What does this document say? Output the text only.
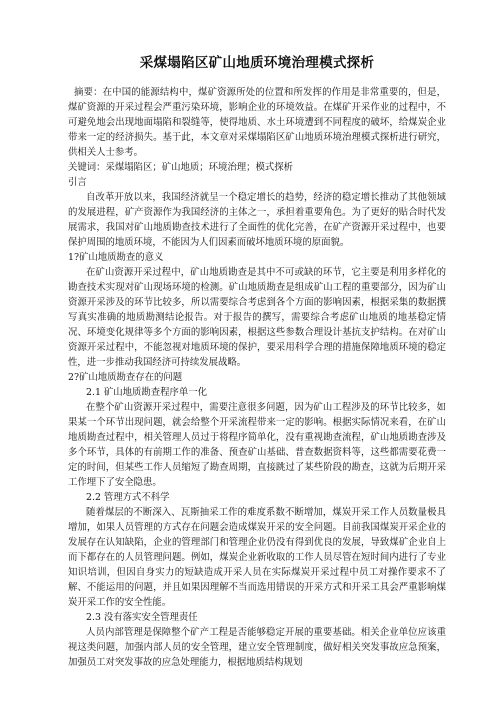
采煤塌陷区矿山地质环境治理模式探析

摘要：在中国的能源结构中，煤矿资源所处的位置和所发挥的作用是非常重要的，但是，煤矿资源的开采过程会严重污染环境，影响企业的环境效益。在煤矿开采作业的过程中，不可避免地会出现地面塌陷和裂缝等，使得地质、水土环境遭到不同程度的破坏，给煤炭企业带来一定的经济损失。基于此，本文章对采煤塌陷区矿山地质环境治理模式探析进行研究，供相关人士参考。

关键词：采煤塌陷区；矿山地质；环境治理；模式探析

引言

自改革开放以来，我国经济就呈一个稳定增长的趋势，经济的稳定增长推动了其他领域的发展进程，矿产资源作为我国经济的主体之一，承担着重要角色。为了更好的贴合时代发展需求，我国对矿山地质勘查技术进行了全面性的优化完善，在矿产资源开采过程中，也要保护周围的地质环境，不能因为人们因素而破坏地质环境的原面貌。

1?矿山地质勘查的意义

在矿山资源开采过程中，矿山地质勘查是其中不可或缺的环节，它主要是利用多样化的勘查技术实现对矿山现场环境的检测。矿山地质勘查是组成矿山工程的重要部分，因为矿山资源开采涉及的环节比较多，所以需要综合考虑到各个方面的影响因素，根据采集的数据撰写真实准确的地质勘测结论报告。对于报告的撰写，需要综合考虑矿山地质的地基稳定情况、环境变化规律等多个方面的影响因素，根据这些参数合理设计基抗支护结构。在对矿山资源开采过程中，不能忽视对地质环境的保护，要采用科学合理的措施保障地质环境的稳定性，进一步推动我国经济可持续发展战略。

2?矿山地质勘查存在的问题

2.1 矿山地质勘查程序单一化

在整个矿山资源开采过程中，需要注意很多问题，因为矿山工程涉及的环节比较多，如果某一个环节出现问题，就会给整个开采流程带来一定的影响。根据实际情况来看，在矿山地质勘查过程中，相关管理人员过于将程序简单化，没有重视勘查流程，矿山地质勘查涉及多个环节，具体的有前期工作的准备、预查矿山基础、普查数据资料等，这些都需要花费一定的时间，但某些工作人员缩短了勘查周期，直接跳过了某些阶段的勘查，这就为后期开采工作埋下了安全隐患。

2.2 管理方式不科学

随着煤层的不断深入、瓦斯抽采工作的难度系数不断增加，煤炭开采工作人员数量极具增加，如果人员管理的方式存在问题会造成煤炭开采的安全问题。目前我国煤炭开采企业的发展存在认知缺陷，企业的管理部门和管理企业仍没有得到优良的发展，导致煤矿企业自上而下都存在的人员管理问题。例如，煤炭企业新收取的工作人员尽管在短时间内进行了专业知识培训，但因自身实力的短缺造成开采人员在实际煤炭开采过程中员工对操作要求不了解、不能运用的问题，并且如果因理解不当而选用错误的开采方式和开采工具会严重影响煤炭开采工作的安全性能。

2.3 没有落实安全管理责任

人员内部管理是保障整个矿产工程是否能够稳定开展的重要基础。相关企业单位应该重视这类问题，加强内部人员的安全管理，建立安全管理制度，做好相关突发事故应急预案，加强员工对突发事故的应急处理能力，根据地质结构规划
